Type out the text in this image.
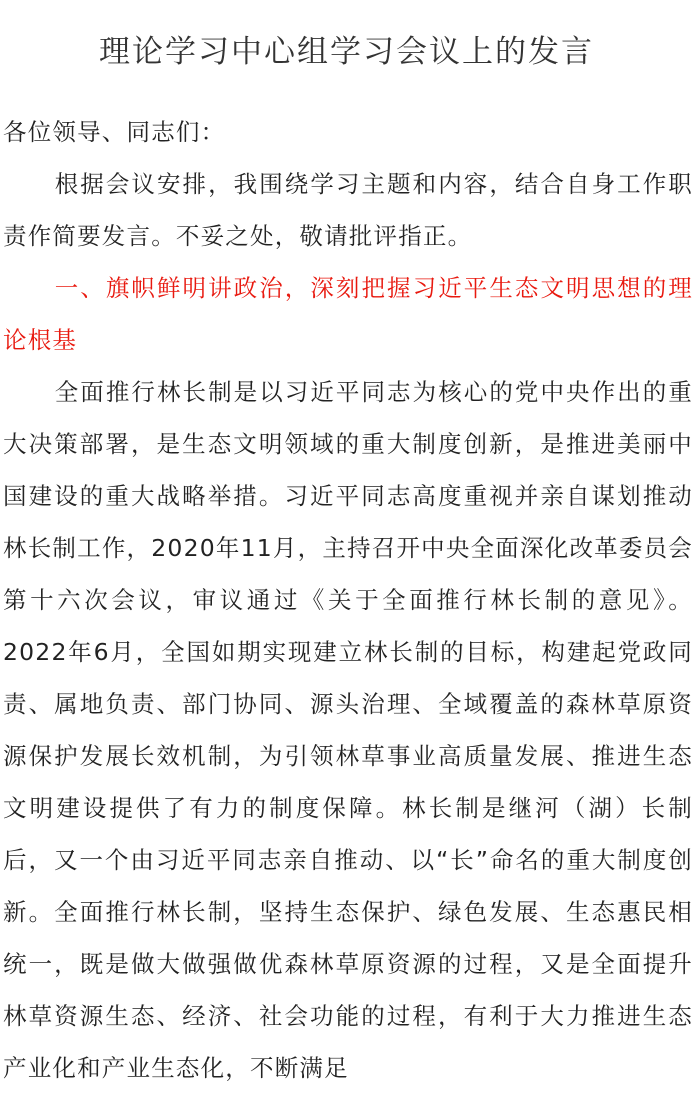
理论学习中心组学习会议上的发言

各位领导、同志们：

根据会议安排，我围绕学习主题和内容，结合自身工作职责作简要发言。不妥之处，敬请批评指正。

一、旗帜鲜明讲政治，深刻把握习近平生态文明思想的理论根基

全面推行林长制是以习近平同志为核心的党中央作出的重大决策部署，是生态文明领域的重大制度创新，是推进美丽中国建设的重大战略举措。习近平同志高度重视并亲自谋划推动林长制工作，2020年11月，主持召开中央全面深化改革委员会第十六次会议，审议通过《关于全面推行林长制的意见》。2022年6月，全国如期实现建立林长制的目标，构建起党政同责、属地负责、部门协同、源头治理、全域覆盖的森林草原资源保护发展长效机制，为引领林草事业高质量发展、推进生态文明建设提供了有力的制度保障。林长制是继河（湖）长制后，又一个由习近平同志亲自推动、以“长”命名的重大制度创新。全面推行林长制，坚持生态保护、绿色发展、生态惠民相统一，既是做大做强做优森林草原资源的过程，又是全面提升林草资源生态、经济、社会功能的过程，有利于大力推进生态产业化和产业生态化，不断满足
